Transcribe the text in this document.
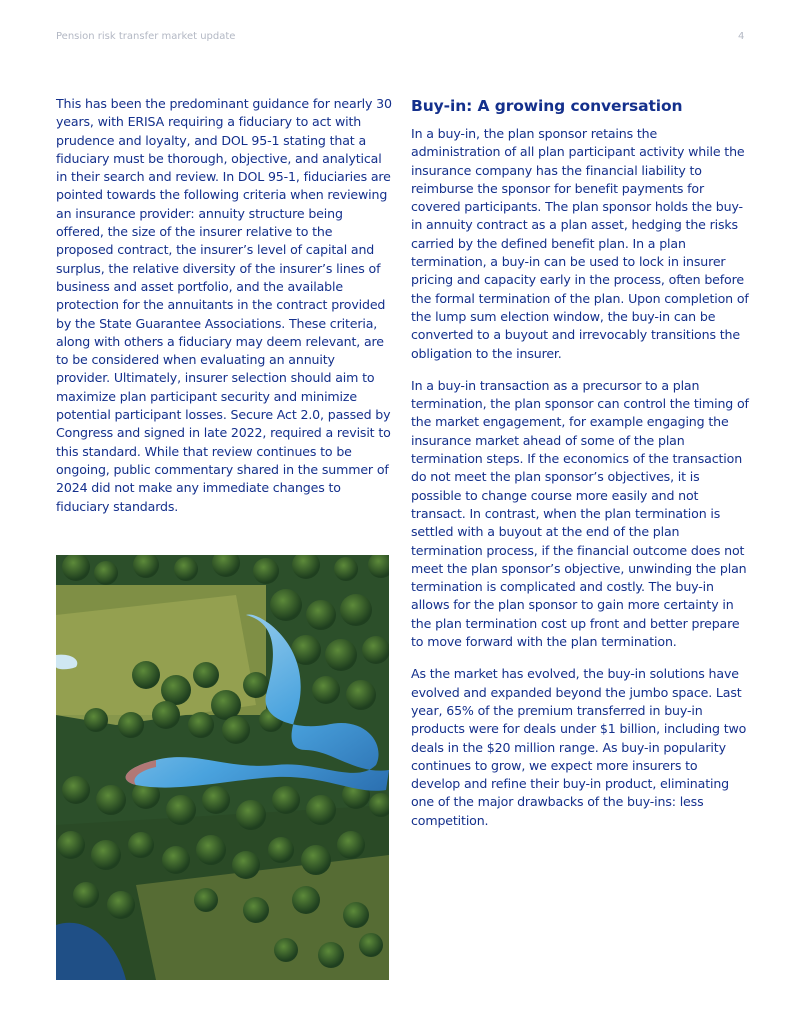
Pension risk transfer market update	4

This has been the predominant guidance for nearly 30 years, with ERISA requiring a fiduciary to act with prudence and loyalty, and DOL 95-1 stating that a fiduciary must be thorough, objective, and analytical in their search and review. In DOL 95-1, fiduciaries are pointed towards the following criteria when reviewing an insurance provider: annuity structure being offered, the size of the insurer relative to the proposed contract, the insurer’s level of capital and surplus, the relative diversity of the insurer’s lines of business and asset portfolio, and the available protection for the annuitants in the contract provided by the State Guarantee Associations. These criteria, along with others a fiduciary may deem relevant, are to be considered when evaluating an annuity provider. Ultimately, insurer selection should aim to maximize plan participant security and minimize potential participant losses. Secure Act 2.0, passed by Congress and signed in late 2022, required a revisit to this standard. While that review continues to be ongoing, public commentary shared in the summer of 2024 did not make any immediate changes to fiduciary standards.

Buy-in: A growing conversation

In a buy-in, the plan sponsor retains the administration of all plan participant activity while the insurance company has the financial liability to reimburse the sponsor for benefit payments for covered participants. The plan sponsor holds the buy-in annuity contract as a plan asset, hedging the risks carried by the defined benefit plan. In a plan termination, a buy-in can be used to lock in insurer pricing and capacity early in the process, often before the formal termination of the plan. Upon completion of the lump sum election window, the buy-in can be converted to a buyout and irrevocably transitions the obligation to the insurer.

In a buy-in transaction as a precursor to a plan termination, the plan sponsor can control the timing of the market engagement, for example engaging the insurance market ahead of some of the plan termination steps. If the economics of the transaction do not meet the plan sponsor’s objectives, it is possible to change course more easily and not transact. In contrast, when the plan termination is settled with a buyout at the end of the plan termination process, if the financial outcome does not meet the plan sponsor’s objective, unwinding the plan termination is complicated and costly. The buy-in allows for the plan sponsor to gain more certainty in the plan termination cost up front and better prepare to move forward with the plan termination.

As the market has evolved, the buy-in solutions have evolved and expanded beyond the jumbo space. Last year, 65% of the premium transferred in buy-in products were for deals under $1 billion, including two deals in the $20 million range. As buy-in popularity continues to grow, we expect more insurers to develop and refine their buy-in product, eliminating one of the major drawbacks of the buy-ins: less competition.
